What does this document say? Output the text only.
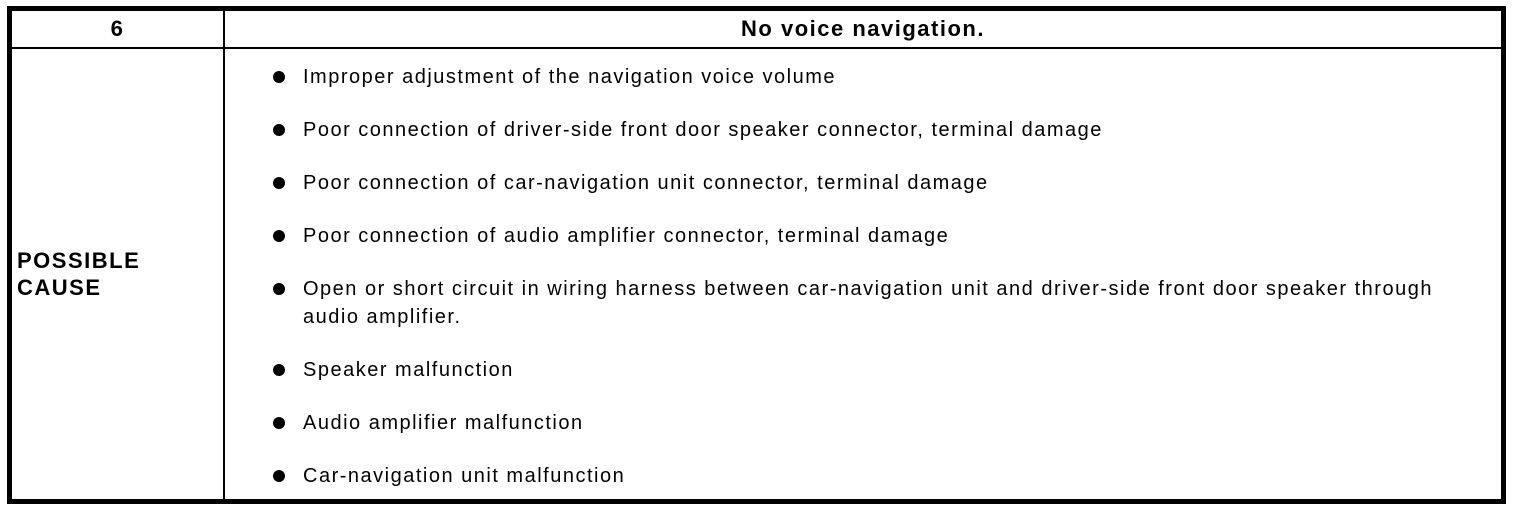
6	No voice navigation.
POSSIBLE CAUSE
Improper adjustment of the navigation voice volume
Poor connection of driver-side front door speaker connector, terminal damage
Poor connection of car-navigation unit connector, terminal damage
Poor connection of audio amplifier connector, terminal damage
Open or short circuit in wiring harness between car-navigation unit and driver-side front door speaker through audio amplifier.
Speaker malfunction
Audio amplifier malfunction
Car-navigation unit malfunction
